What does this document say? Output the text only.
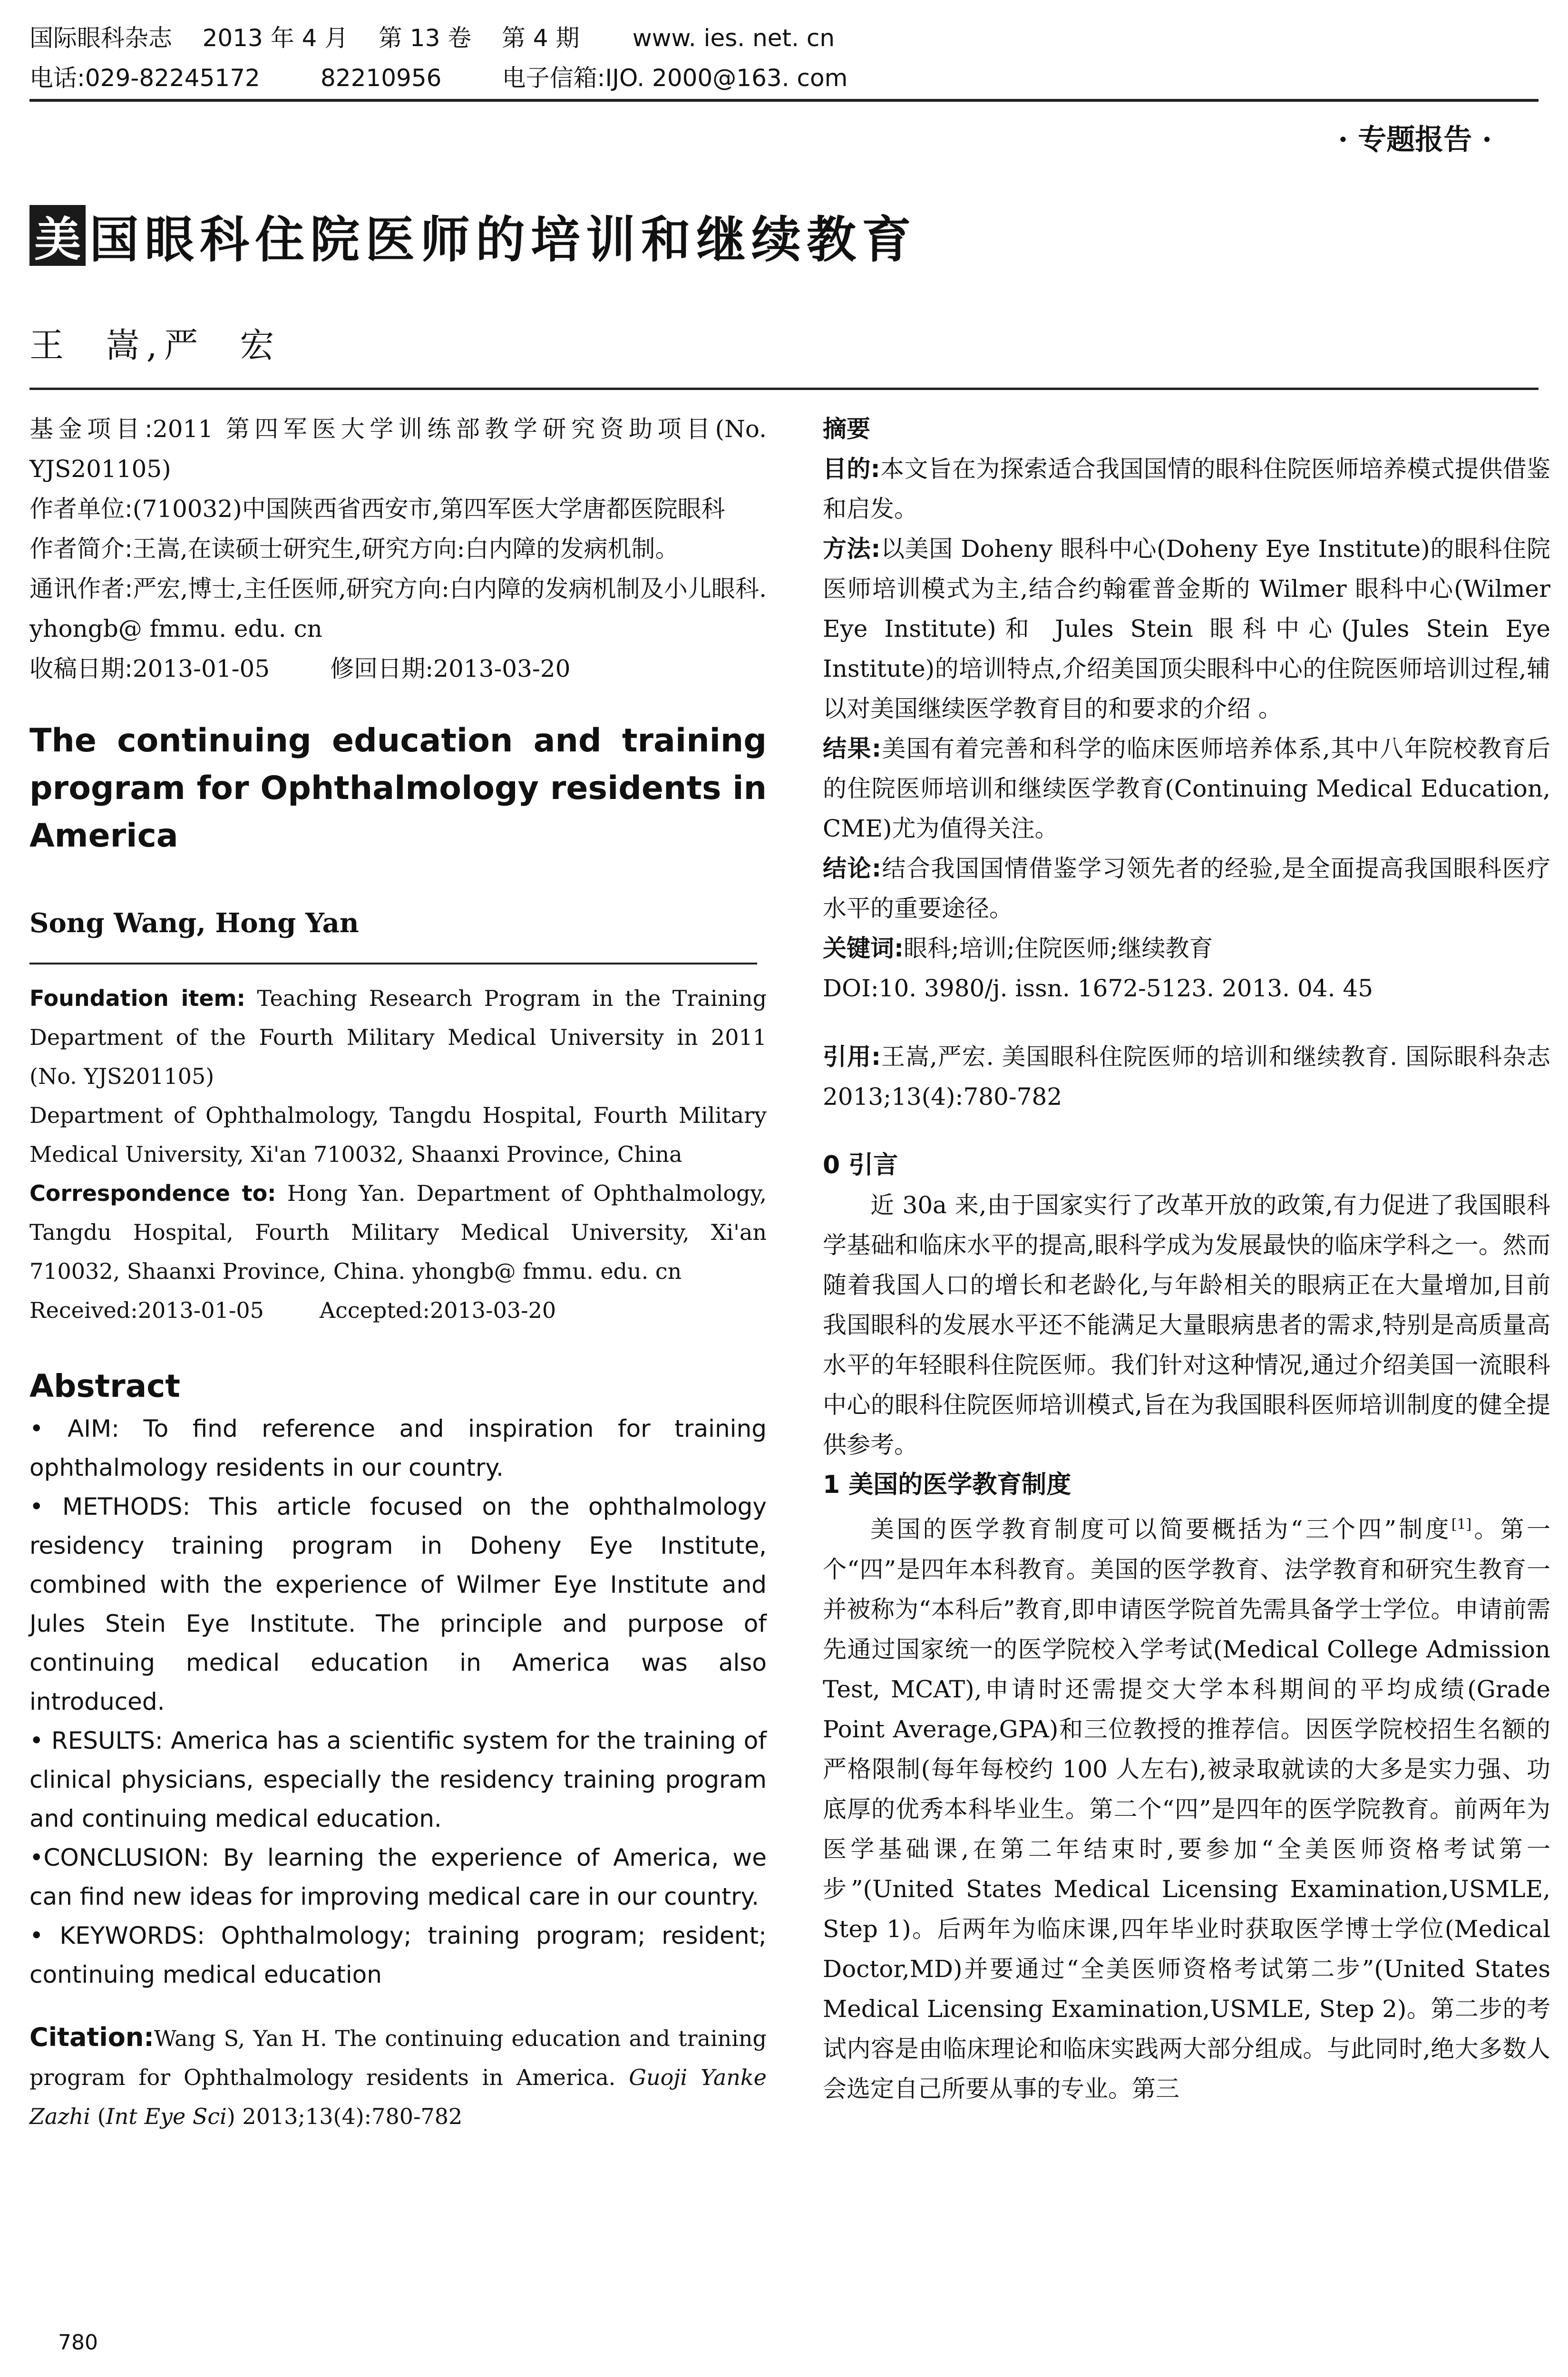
国际眼科杂志    2013 年 4 月    第 13 卷    第 4 期       www. ies. net. cn
电话:029-82245172        82210956        电子信箱:IJO. 2000@163. com
· 专题报告 ·
美 国眼科住院医师的培训和继续教育
王  嵩,严  宏

基金项目:2011 第四军医大学训练部教学研究资助项目(No. YJS201105)

作者单位:(710032)中国陕西省西安市,第四军医大学唐都医院眼科

作者简介:王嵩,在读硕士研究生,研究方向:白内障的发病机制。

通讯作者:严宏,博士,主任医师,研究方向:白内障的发病机制及小儿眼科. yhongb@ fmmu. edu. cn

收稿日期:2013-01-05        修回日期:2013-03-20

The continuing education and training program for Ophthalmology residents in America

Song Wang, Hong Yan

Foundation item: Teaching Research Program in the Training Department of the Fourth Military Medical University in 2011 (No. YJS201105)

Department of Ophthalmology, Tangdu Hospital, Fourth Military Medical University, Xi'an 710032, Shaanxi Province, China

Correspondence to: Hong Yan. Department of Ophthalmology, Tangdu Hospital, Fourth Military Medical University, Xi'an 710032, Shaanxi Province, China. yhongb@ fmmu. edu. cn

Received:2013-01-05        Accepted:2013-03-20

Abstract

• AIM: To find reference and inspiration for training ophthalmology residents in our country.

• METHODS: This article focused on the ophthalmology residency training program in Doheny Eye Institute, combined with the experience of Wilmer Eye Institute and Jules Stein Eye Institute. The principle and purpose of continuing medical education in America was also introduced.

• RESULTS: America has a scientific system for the training of clinical physicians, especially the residency training program and continuing medical education.

•CONCLUSION: By learning the experience of America, we can find new ideas for improving medical care in our country.

• KEYWORDS: Ophthalmology; training program; resident; continuing medical education

Citation:Wang S, Yan H. The continuing education and training program for Ophthalmology residents in America. Guoji Yanke Zazhi (Int Eye Sci) 2013;13(4):780-782

摘要

目的:本文旨在为探索适合我国国情的眼科住院医师培养模式提供借鉴和启发。

方法:以美国 Doheny 眼科中心(Doheny Eye Institute)的眼科住院医师培训模式为主,结合约翰霍普金斯的 Wilmer 眼科中心(Wilmer Eye Institute)和 Jules Stein 眼科中心(Jules Stein Eye Institute)的培训特点,介绍美国顶尖眼科中心的住院医师培训过程,辅以对美国继续医学教育目的和要求的介绍 。

结果:美国有着完善和科学的临床医师培养体系,其中八年院校教育后的住院医师培训和继续医学教育(Continuing Medical Education, CME)尤为值得关注。

结论:结合我国国情借鉴学习领先者的经验,是全面提高我国眼科医疗水平的重要途径。

关键词:眼科;培训;住院医师;继续教育

DOI:10. 3980/j. issn. 1672-5123. 2013. 04. 45

引用:王嵩,严宏. 美国眼科住院医师的培训和继续教育. 国际眼科杂志 2013;13(4):780-782

0 引言

近 30a 来,由于国家实行了改革开放的政策,有力促进了我国眼科学基础和临床水平的提高,眼科学成为发展最快的临床学科之一。然而随着我国人口的增长和老龄化,与年龄相关的眼病正在大量增加,目前我国眼科的发展水平还不能满足大量眼病患者的需求,特别是高质量高水平的年轻眼科住院医师。我们针对这种情况,通过介绍美国一流眼科中心的眼科住院医师培训模式,旨在为我国眼科医师培训制度的健全提供参考。

1 美国的医学教育制度

美国的医学教育制度可以简要概括为“三个四”制度[1]。第一个“四”是四年本科教育。美国的医学教育、法学教育和研究生教育一并被称为“本科后”教育,即申请医学院首先需具备学士学位。申请前需先通过国家统一的医学院校入学考试(Medical College Admission Test, MCAT),申请时还需提交大学本科期间的平均成绩(Grade Point Average,GPA)和三位教授的推荐信。因医学院校招生名额的严格限制(每年每校约 100 人左右),被录取就读的大多是实力强、功底厚的优秀本科毕业生。第二个“四”是四年的医学院教育。前两年为医学基础课,在第二年结束时,要参加“全美医师资格考试第一步”(United States Medical Licensing Examination,USMLE, Step 1)。后两年为临床课,四年毕业时获取医学博士学位(Medical Doctor,MD)并要通过“全美医师资格考试第二步”(United States Medical Licensing Examination,USMLE, Step 2)。第二步的考试内容是由临床理论和临床实践两大部分组成。与此同时,绝大多数人会选定自己所要从事的专业。第三

780
